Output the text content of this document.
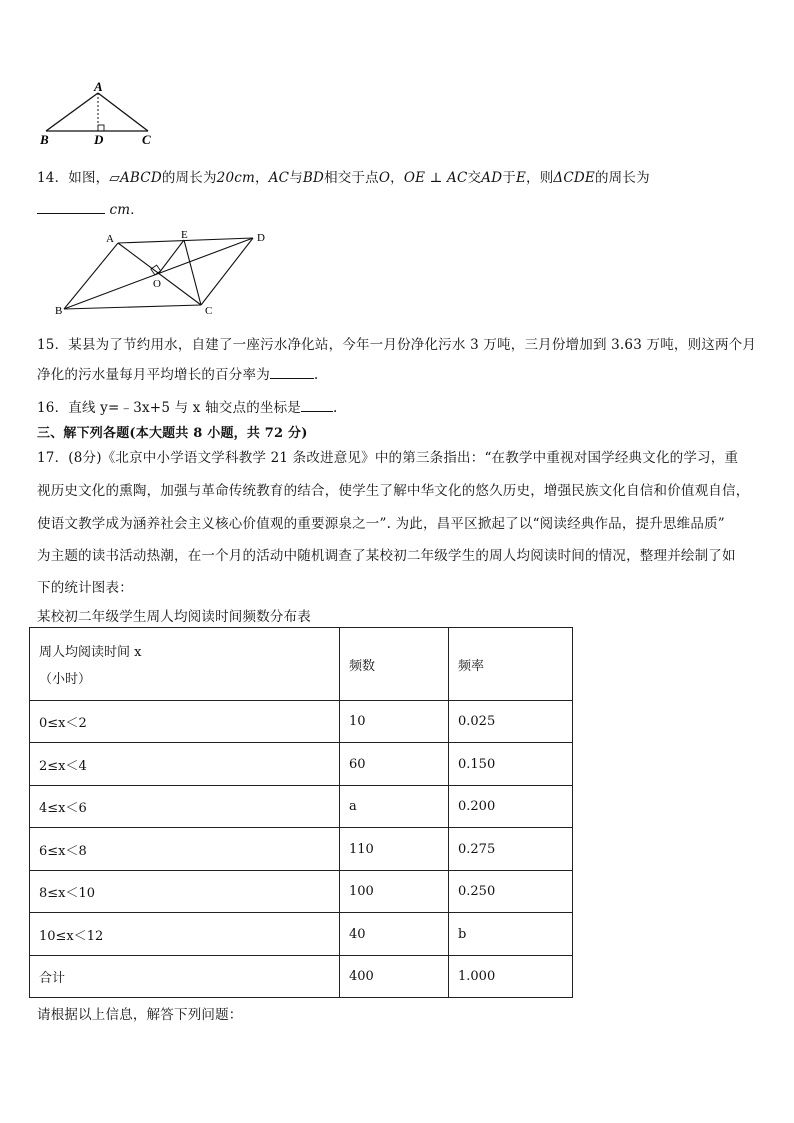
A
B	D	C
14．如图，▱ABCD的周长为20cm，AC与BD相交于点O，OE ⊥ AC交AD于E，则ΔCDE的周长为
cm．
A	E	D
O
B	C
15．某县为了节约用水，自建了一座污水净化站，今年一月份净化污水 3 万吨，三月份增加到 3.63 万吨，则这两个月
净化的污水量每月平均增长的百分率为	.
16．直线 y=﹣3x+5 与 x 轴交点的坐标是 .
三、解下列各题(本大题共 8 小题，共 72 分)
17．(8分)《北京中小学语文学科教学 21 条改进意见》中的第三条指出：“在教学中重视对国学经典文化的学习，重
视历史文化的熏陶，加强与革命传统教育的结合，使学生了解中华文化的悠久历史，增强民族文化自信和价值观自信，
使语文教学成为涵养社会主义核心价值观的重要源泉之一”. 为此，昌平区掀起了以“阅读经典作品，提升思维品质”
为主题的读书活动热潮，在一个月的活动中随机调查了某校初二年级学生的周人均阅读时间的情况，整理并绘制了如
下的统计图表：
某校初二年级学生周人均阅读时间频数分布表
周人均阅读时间 x
（小时）	频数	频率
0≤x＜2	10	0.025
2≤x＜4	60	0.150
4≤x＜6	a	0.200
6≤x＜8	110	0.275
8≤x＜10	100	0.250
10≤x＜12	40	b
合计	400	1.000
请根据以上信息，解答下列问题：
